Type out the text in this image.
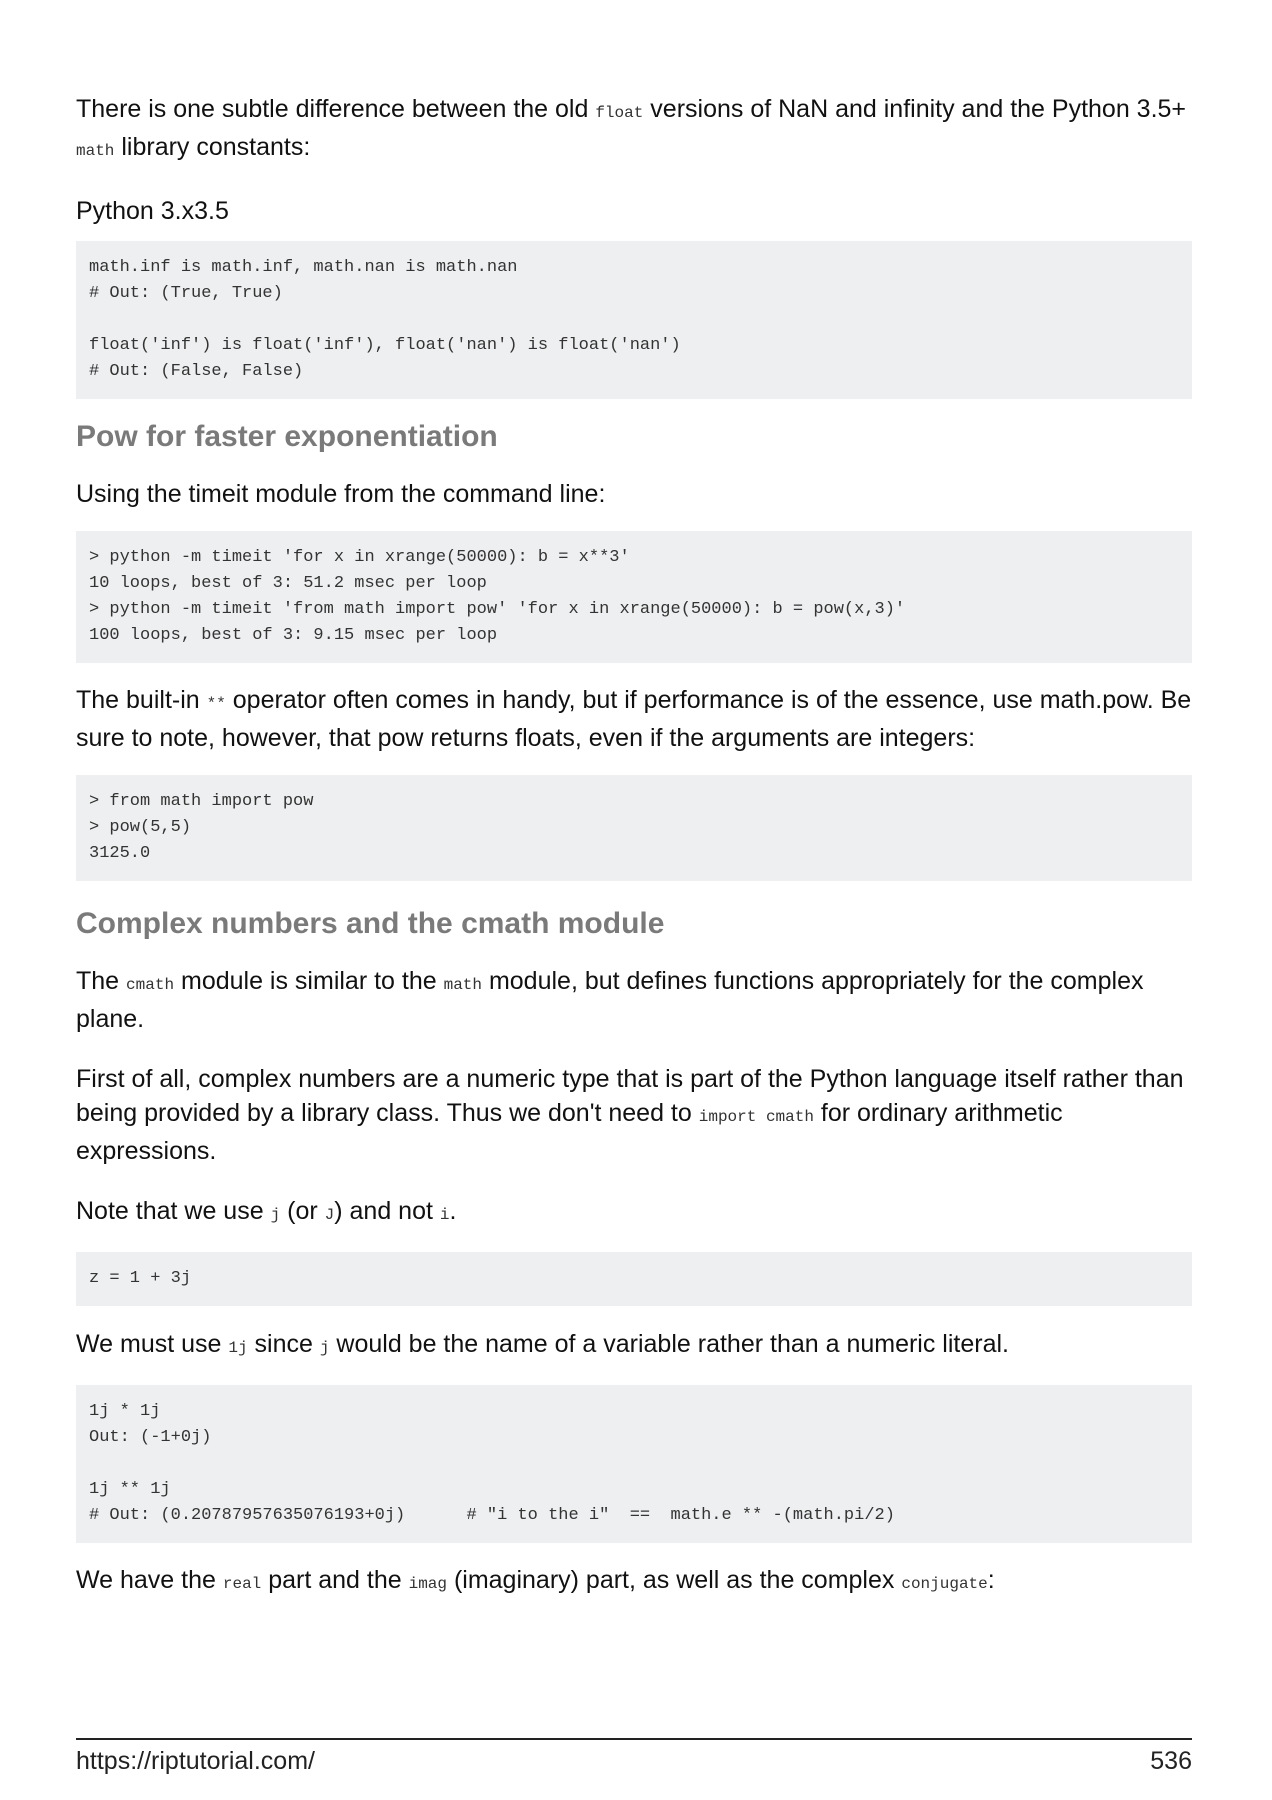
There is one subtle difference between the old float versions of NaN and infinity and the Python 3.5+ math library constants:

Python 3.x3.5

math.inf is math.inf, math.nan is math.nan
# Out: (True, True)

float('inf') is float('inf'), float('nan') is float('nan')
# Out: (False, False)
Pow for faster exponentiation

Using the timeit module from the command line:

> python -m timeit 'for x in xrange(50000): b = x**3'
10 loops, best of 3: 51.2 msec per loop
> python -m timeit 'from math import pow' 'for x in xrange(50000): b = pow(x,3)'
100 loops, best of 3: 9.15 msec per loop

The built-in ** operator often comes in handy, but if performance is of the essence, use math.pow. Be sure to note, however, that pow returns floats, even if the arguments are integers:

> from math import pow
> pow(5,5)
3125.0
Complex numbers and the cmath module

The cmath module is similar to the math module, but defines functions appropriately for the complex plane.

First of all, complex numbers are a numeric type that is part of the Python language itself rather than being provided by a library class. Thus we don't need to import cmath for ordinary arithmetic expressions.

Note that we use j (or J) and not i.

z = 1 + 3j

We must use 1j since j would be the name of a variable rather than a numeric literal.

1j * 1j
Out: (-1+0j)

1j ** 1j
# Out: (0.20787957635076193+0j)      # "i to the i"  ==  math.e ** -(math.pi/2)

We have the real part and the imag (imaginary) part, as well as the complex conjugate:

https://riptutorial.com/	536
